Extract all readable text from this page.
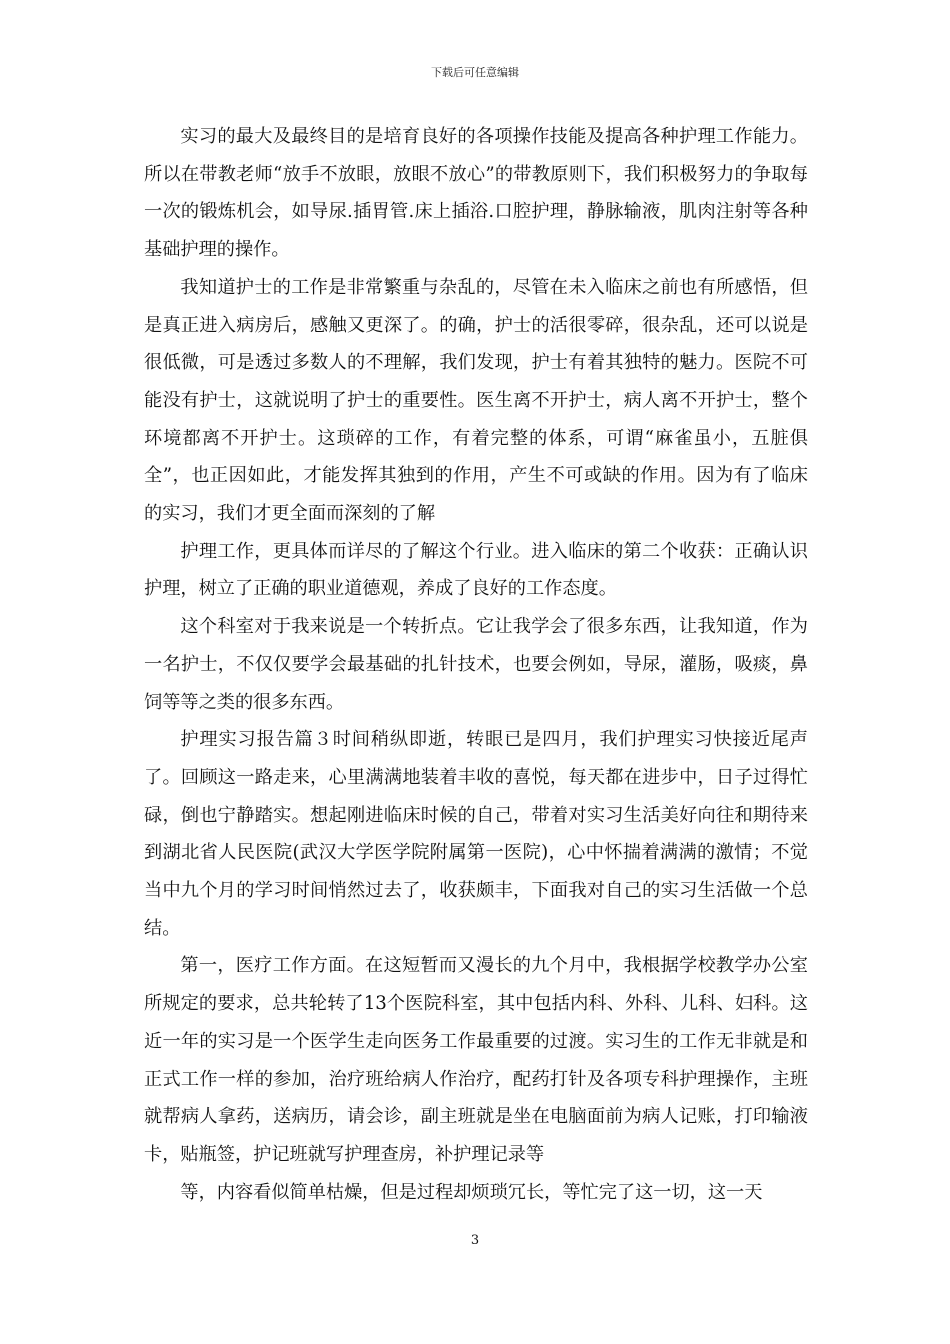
下载后可任意编辑

实习的最大及最终目的是培育良好的各项操作技能及提高各种护理工作能力。所以在带教老师“放手不放眼，放眼不放心”的带教原则下，我们积极努力的争取每一次的锻炼机会，如导尿.插胃管.床上插浴.口腔护理，静脉输液，肌肉注射等各种基础护理的操作。

我知道护士的工作是非常繁重与杂乱的，尽管在未入临床之前也有所感悟，但是真正进入病房后，感触又更深了。的确，护士的活很零碎，很杂乱，还可以说是很低微，可是透过多数人的不理解，我们发现，护士有着其独特的魅力。医院不可能没有护士，这就说明了护士的重要性。医生离不开护士，病人离不开护士，整个环境都离不开护士。这琐碎的工作，有着完整的体系，可谓“麻雀虽小，五脏俱全”，也正因如此，才能发挥其独到的作用，产生不可或缺的作用。因为有了临床的实习，我们才更全面而深刻的了解

护理工作，更具体而详尽的了解这个行业。进入临床的第二个收获：正确认识护理，树立了正确的职业道德观，养成了良好的工作态度。

这个科室对于我来说是一个转折点。它让我学会了很多东西，让我知道，作为一名护士，不仅仅要学会最基础的扎针技术，也要会例如，导尿，灌肠，吸痰，鼻饲等等之类的很多东西。

护理实习报告篇３时间稍纵即逝，转眼已是四月，我们护理实习快接近尾声了。回顾这一路走来，心里满满地装着丰收的喜悦，每天都在进步中，日子过得忙碌，倒也宁静踏实。想起刚进临床时候的自己，带着对实习生活美好向往和期待来到湖北省人民医院(武汉大学医学院附属第一医院)，心中怀揣着满满的激情；不觉当中九个月的学习时间悄然过去了，收获颇丰，下面我对自己的实习生活做一个总结。

第一，医疗工作方面。在这短暂而又漫长的九个月中，我根据学校教学办公室所规定的要求，总共轮转了13个医院科室，其中包括内科、外科、儿科、妇科。这近一年的实习是一个医学生走向医务工作最重要的过渡。实习生的工作无非就是和正式工作一样的参加，治疗班给病人作治疗，配药打针及各项专科护理操作，主班就帮病人拿药，送病历，请会诊，副主班就是坐在电脑面前为病人记账，打印输液卡，贴瓶签，护记班就写护理查房，补护理记录等

等，内容看似简单枯燥，但是过程却烦琐冗长，等忙完了这一切，这一天

3
